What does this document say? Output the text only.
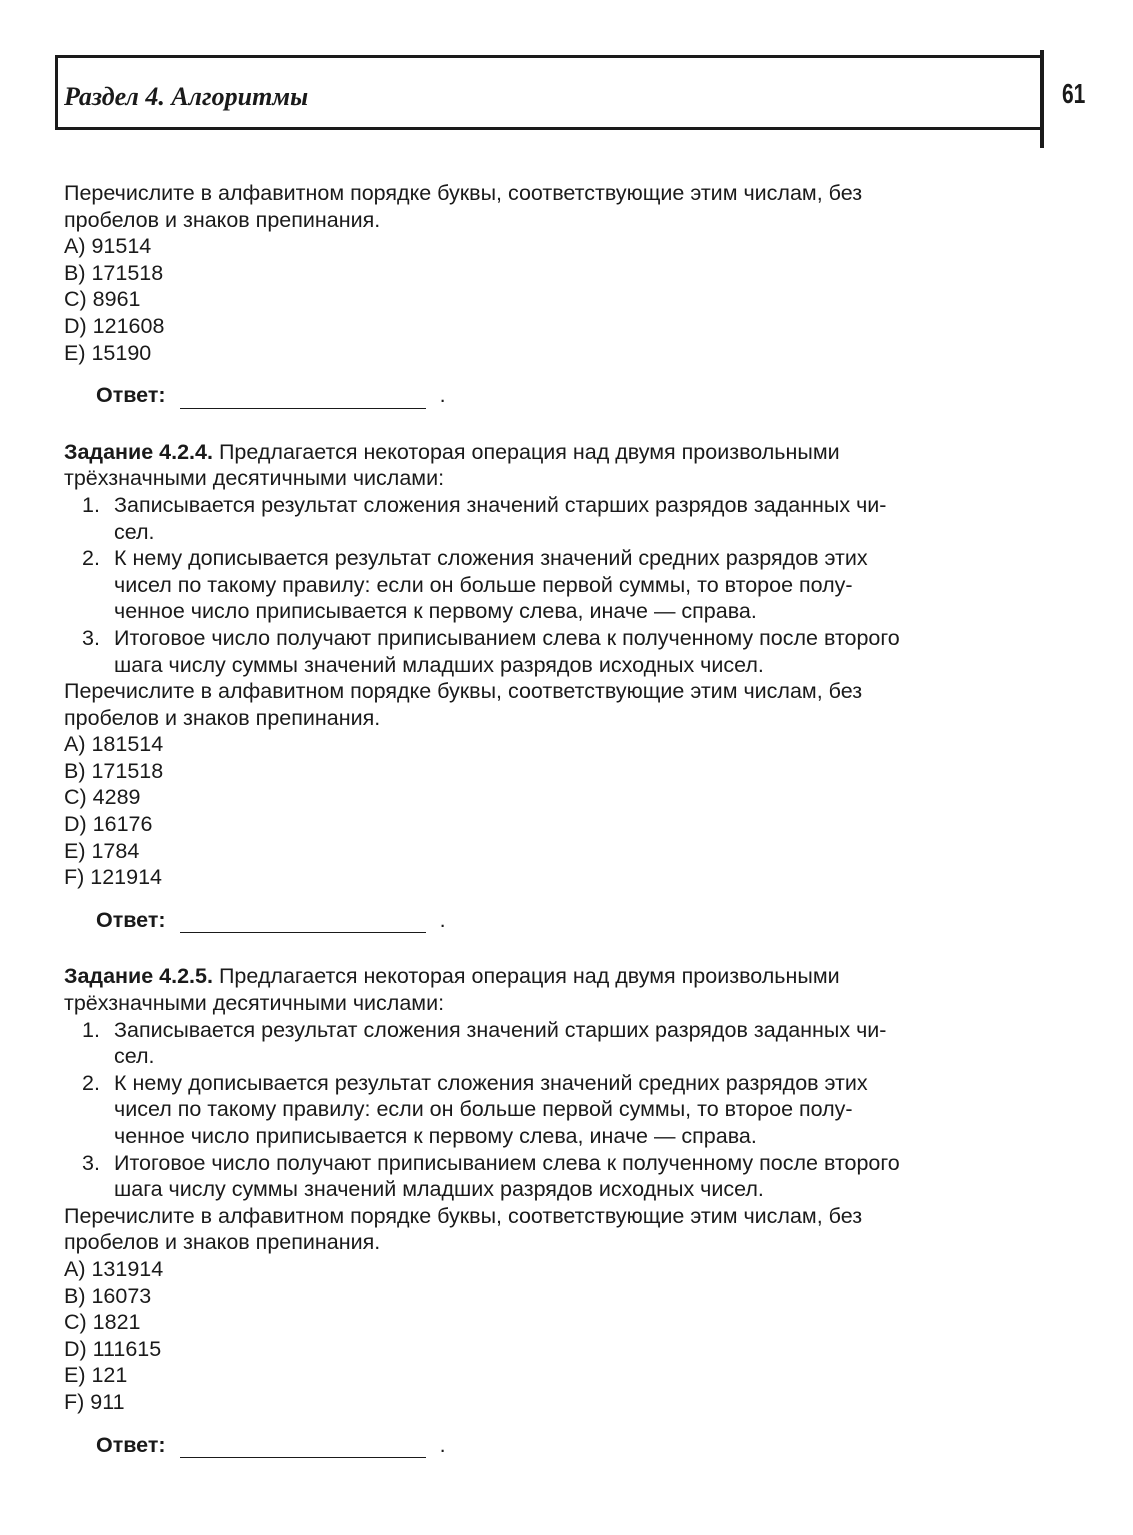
Раздел 4. Алгоритмы	61

Перечислите в алфавитном порядке буквы, соответствующие этим числам, без

пробелов и знаков препинания.

A) 91514
B) 171518
C) 8961
D) 121608
E) 15190
Ответ:	.

Задание 4.2.4. Предлагается некоторая операция над двумя произвольными

трёхзначными десятичными числами:

1. Записывается результат сложения значений старших разрядов заданных чи-
сел.
2. К нему дописывается результат сложения значений средних разрядов этих
чисел по такому правилу: если он больше первой суммы, то второе полу-
ченное число приписывается к первому слева, иначе — справа.
3. Итоговое число получают приписыванием слева к полученному после второго
шага числу суммы значений младших разрядов исходных чисел.

Перечислите в алфавитном порядке буквы, соответствующие этим числам, без

пробелов и знаков препинания.

A) 181514
B) 171518
C) 4289
D) 16176
E) 1784
F) 121914
Ответ:	.

Задание 4.2.5. Предлагается некоторая операция над двумя произвольными

трёхзначными десятичными числами:

1. Записывается результат сложения значений старших разрядов заданных чи-
сел.
2. К нему дописывается результат сложения значений средних разрядов этих
чисел по такому правилу: если он больше первой суммы, то второе полу-
ченное число приписывается к первому слева, иначе — справа.
3. Итоговое число получают приписыванием слева к полученному после второго
шага числу суммы значений младших разрядов исходных чисел.

Перечислите в алфавитном порядке буквы, соответствующие этим числам, без

пробелов и знаков препинания.

A) 131914
B) 16073
C) 1821
D) 111615
E) 121
F) 911
Ответ:	.
